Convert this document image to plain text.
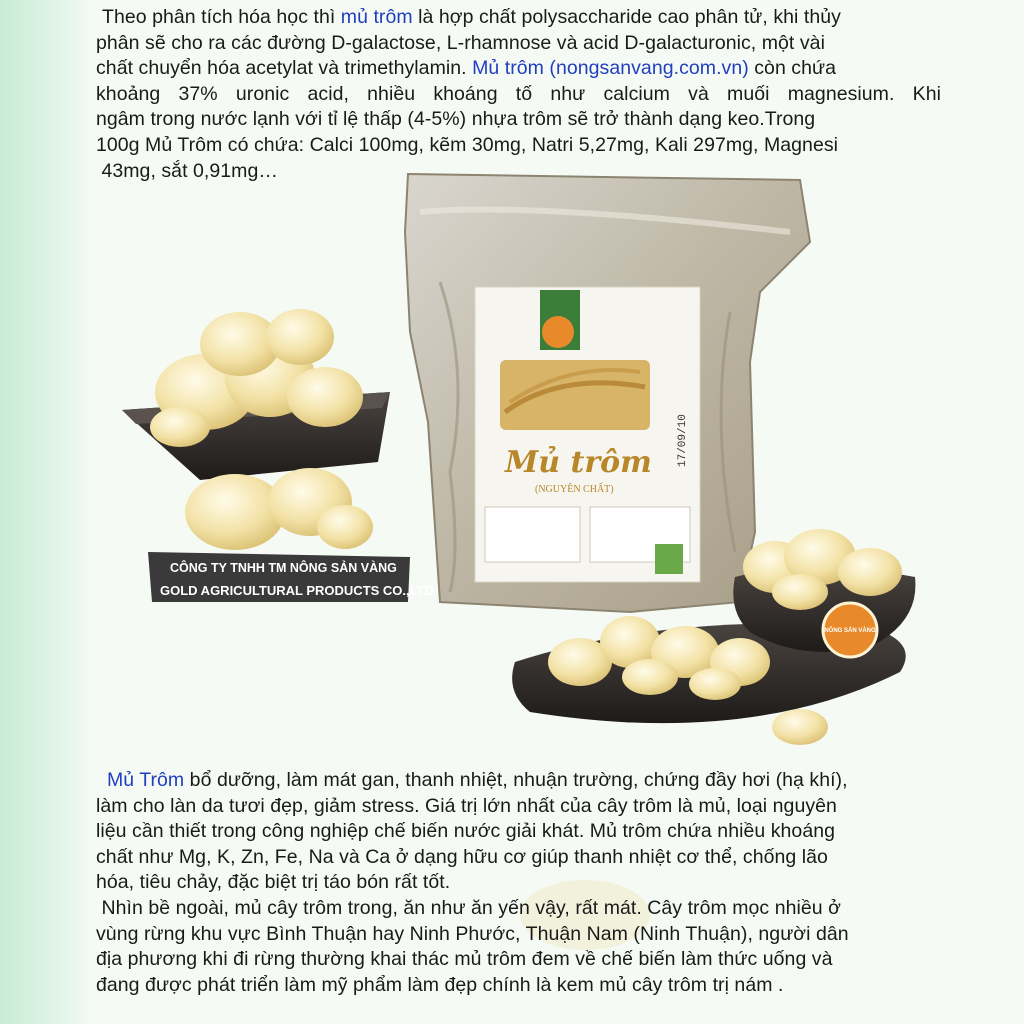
Theo phân tích hóa học thì mủ trôm là hợp chất polysaccharide cao phân tử, khi thủy
phân sẽ cho ra các đường D-galactose, L-rhamnose và acid D-galacturonic, một vài
chất chuyển hóa acetylat và trimethylamin. Mủ trôm (nongsanvang.com.vn) còn chứa
khoảng 37% uronic acid, nhiều khoáng tố như calcium và muối magnesium. Khi
ngâm trong nước lạnh với tỉ lệ thấp (4-5%) nhựa trôm sẽ trở thành dạng keo.Trong
100g Mủ Trôm có chứa: Calci 100mg, kẽm 30mg, Natri 5,27mg, Kali 297mg, Magnesi
43mg, sắt 0,91mg…
Mủ trôm
(NGUYÊN CHẤT)
17/09/10
CÔNG TY TNHH TM NÔNG SẢN VÀNG
GOLD AGRICULTURAL PRODUCTS CO.,LTD
NÔNG SẢN VÀNG
Mủ Trôm bổ dưỡng, làm mát gan, thanh nhiệt, nhuận trường, chứng đầy hơi (hạ khí),
làm cho làn da tươi đẹp, giảm stress. Giá trị lớn nhất của cây trôm là mủ, loại nguyên
liệu cần thiết trong công nghiệp chế biến nước giải khát. Mủ trôm chứa nhiều khoáng
chất như Mg, K, Zn, Fe, Na và Ca ở dạng hữu cơ giúp thanh nhiệt cơ thể, chống lão
hóa, tiêu chảy, đặc biệt trị táo bón rất tốt.
Nhìn bề ngoài, mủ cây trôm trong, ăn như ăn yến vậy, rất mát. Cây trôm mọc nhiều ở
vùng rừng khu vực Bình Thuận hay Ninh Phước, Thuận Nam (Ninh Thuận), người dân
địa phương khi đi rừng thường khai thác mủ trôm đem về chế biến làm thức uống và
đang được phát triển làm mỹ phẩm làm đẹp chính là kem mủ cây trôm trị nám .
